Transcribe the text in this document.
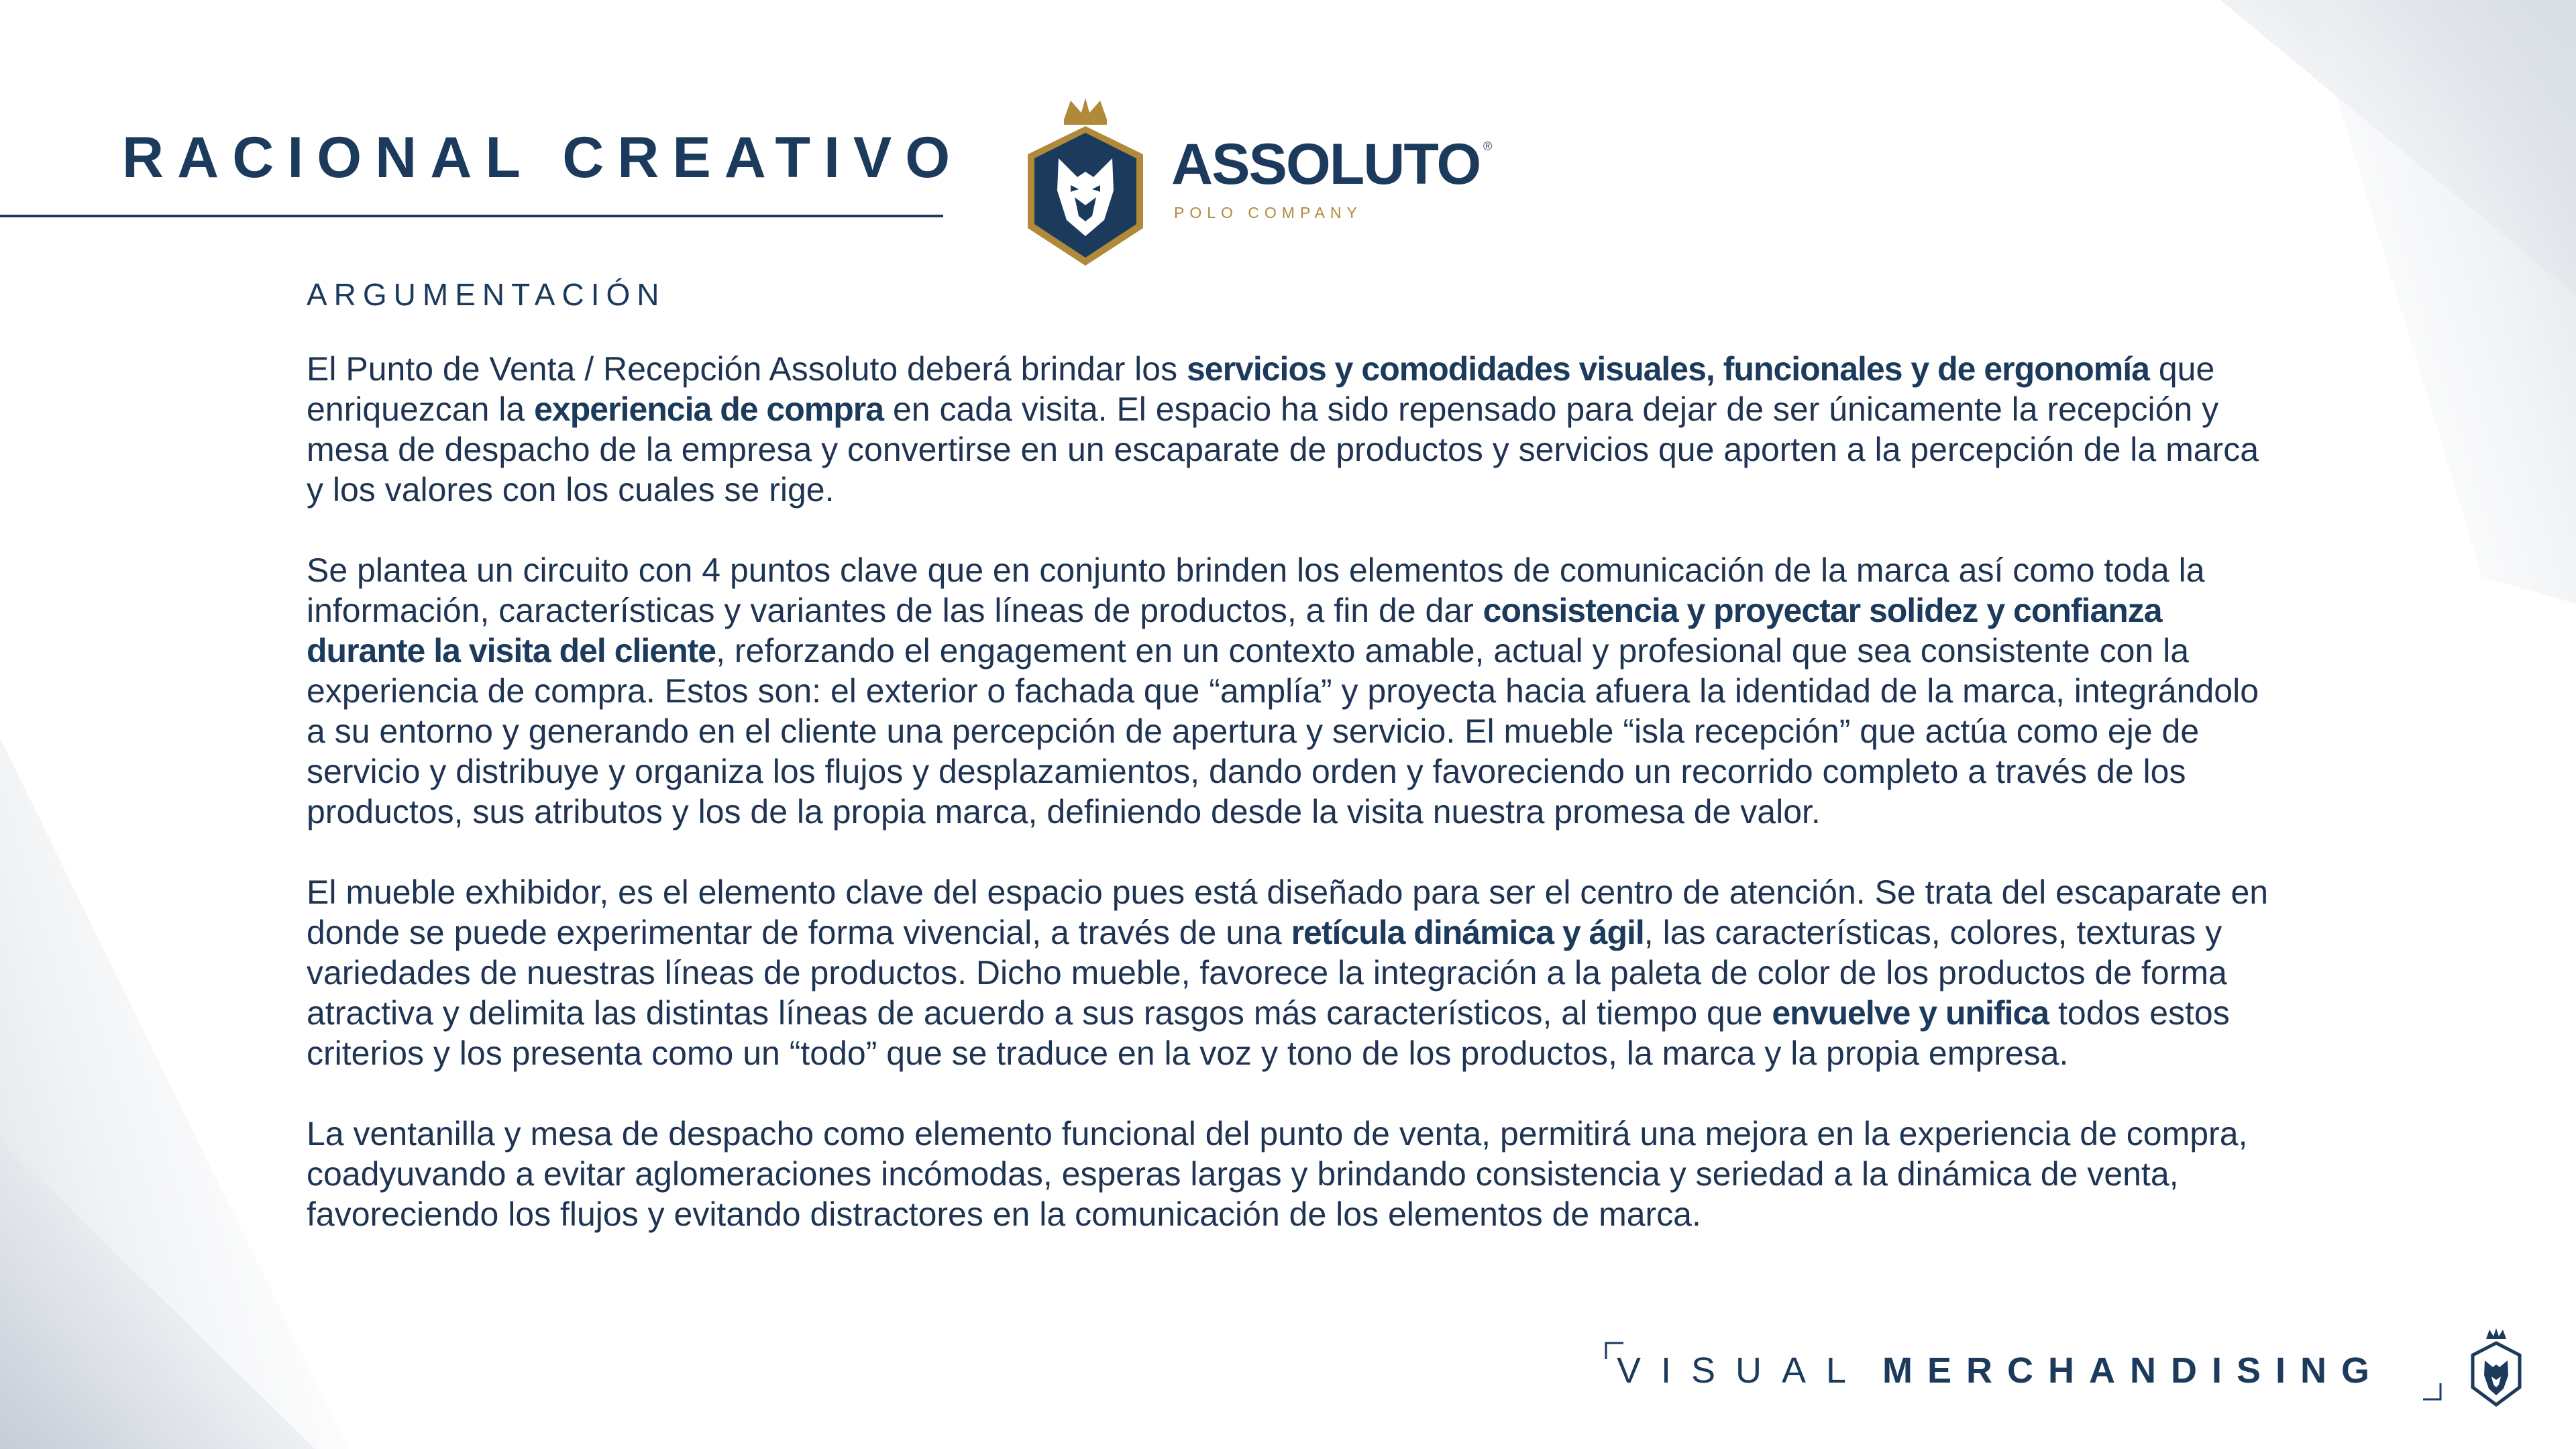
RACIONAL CREATIVO	ASSOLUTO ®
POLO COMPANY
ARGUMENTACIÓN

El Punto de Venta / Recepción Assoluto deberá brindar los servicios y comodidades visuales, funcionales y de ergonomía que enriquezcan la experiencia de compra en cada visita. El espacio ha sido repensado para dejar de ser únicamente la recepción y mesa de despacho de la empresa y convertirse en un escaparate de productos y servicios que aporten a la percepción de la marca y los valores con los cuales se rige.

Se plantea un circuito con 4 puntos clave que en conjunto brinden los elementos de comunicación de la marca así como toda la información, características y variantes de las líneas de productos, a fin de dar consistencia y proyectar solidez y confianza durante la visita del cliente, reforzando el engagement en un contexto amable, actual y profesional que sea consistente con la experiencia de compra. Estos son: el exterior o fachada que “amplía” y proyecta hacia afuera la identidad de la marca, integrándolo a su entorno y generando en el cliente una percepción de apertura y servicio. El mueble “isla recepción” que actúa como eje de servicio y distribuye y organiza los flujos y desplazamientos, dando orden y favoreciendo un recorrido completo a través de los productos, sus atributos y los de la propia marca, definiendo desde la visita nuestra promesa de valor.

El mueble exhibidor, es el elemento clave del espacio pues está diseñado para ser el centro de atención. Se trata del escaparate en donde se puede experimentar de forma vivencial, a través de una retícula dinámica y ágil, las características, colores, texturas y variedades de nuestras líneas de productos. Dicho mueble, favorece la integración a la paleta de color de los productos de forma atractiva y delimita las distintas líneas de acuerdo a sus rasgos más característicos, al tiempo que envuelve y unifica todos estos criterios y los presenta como un “todo” que se traduce en la voz y tono de los productos, la marca y la propia empresa.

La ventanilla y mesa de despacho como elemento funcional del punto de venta, permitirá una mejora en la experiencia de compra, coadyuvando a evitar aglomeraciones incómodas, esperas largas y brindando consistencia y seriedad a la dinámica de venta, favoreciendo los flujos y evitando distractores en la comunicación de los elementos de marca.

VISUAL MERCHANDISING
